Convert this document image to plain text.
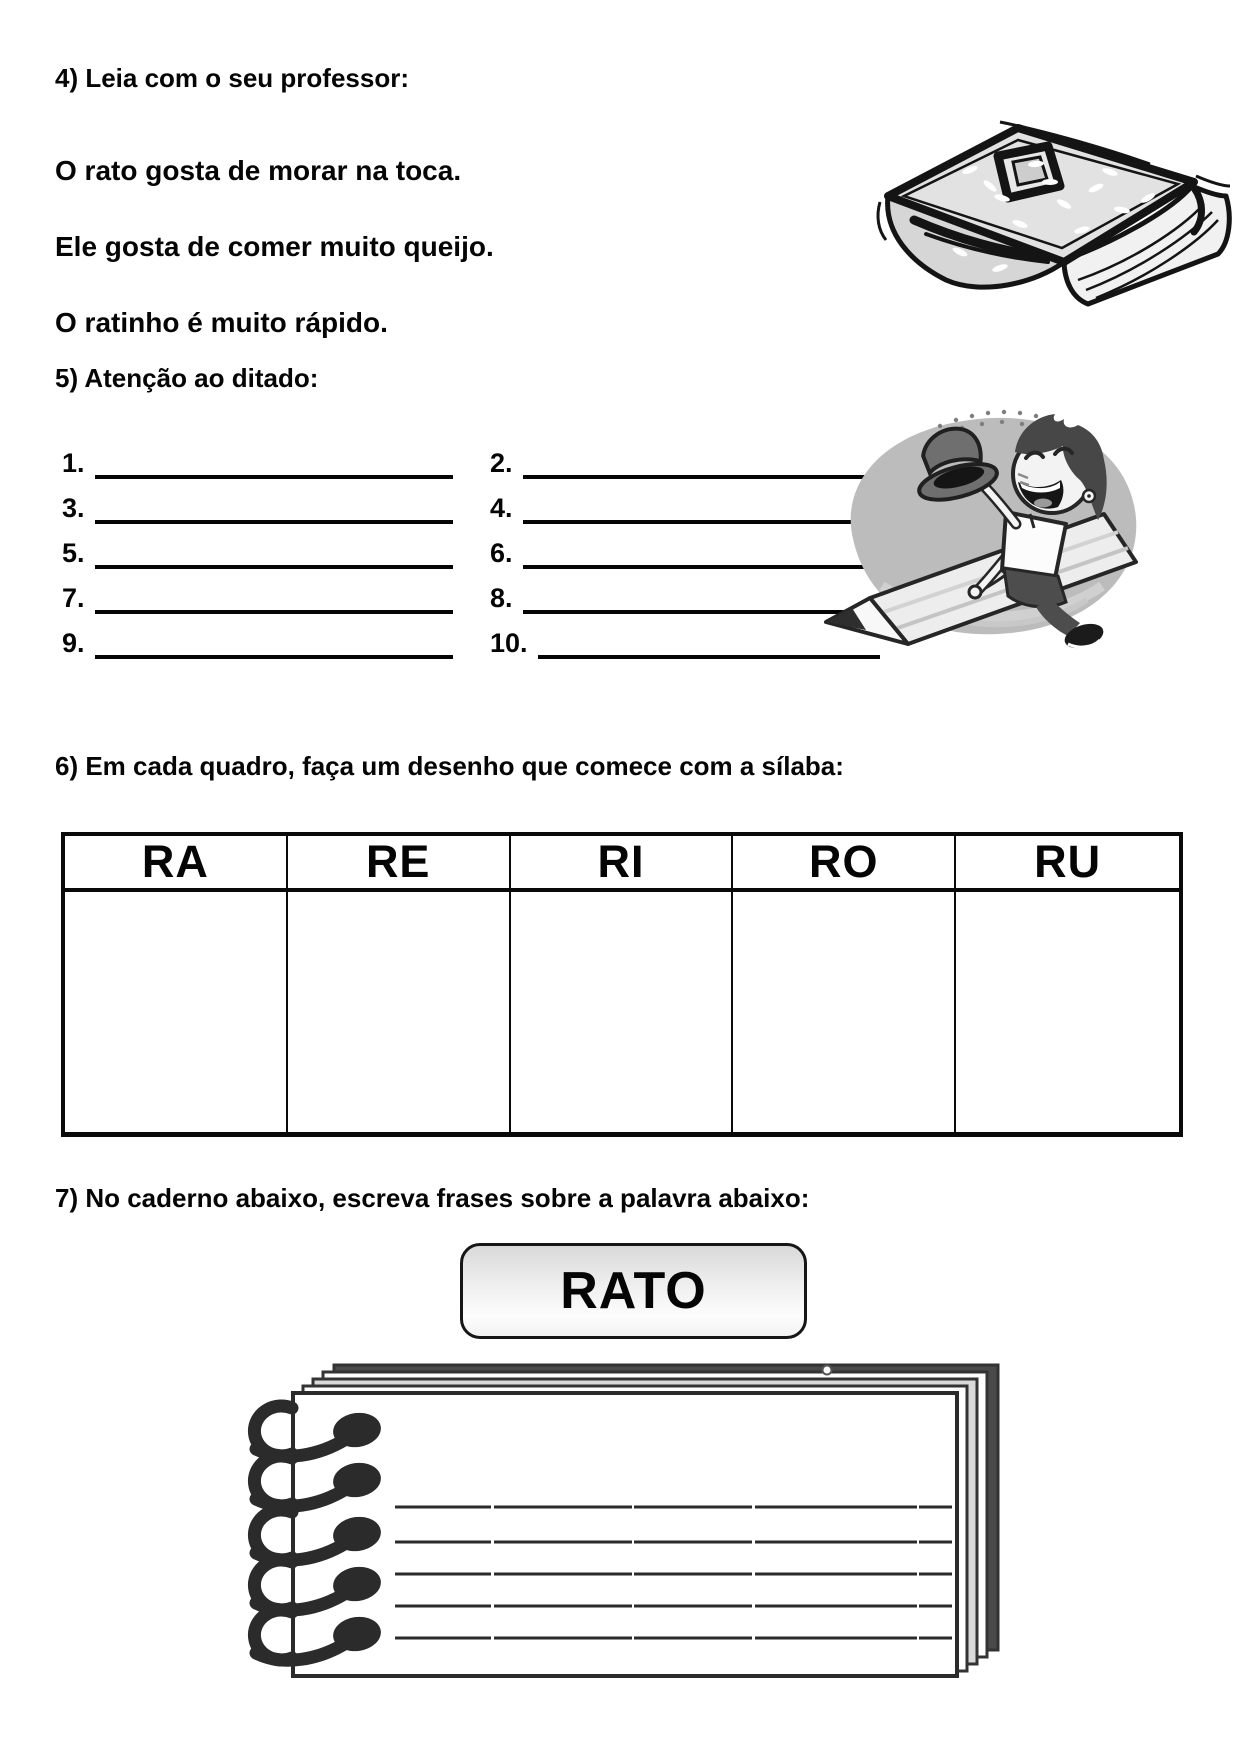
4) Leia com o seu professor:
O rato gosta de morar na toca.
Ele gosta de comer muito queijo.
O ratinho é muito rápido.
5) Atenção ao ditado:
1.	2.
3.	4.
5.	6.
7.	8.
9.	10.
6) Em cada quadro, faça um desenho que comece com a sílaba:
RA	RE	RI	RO	RU
7) No caderno abaixo, escreva frases sobre a palavra abaixo:
RATO
